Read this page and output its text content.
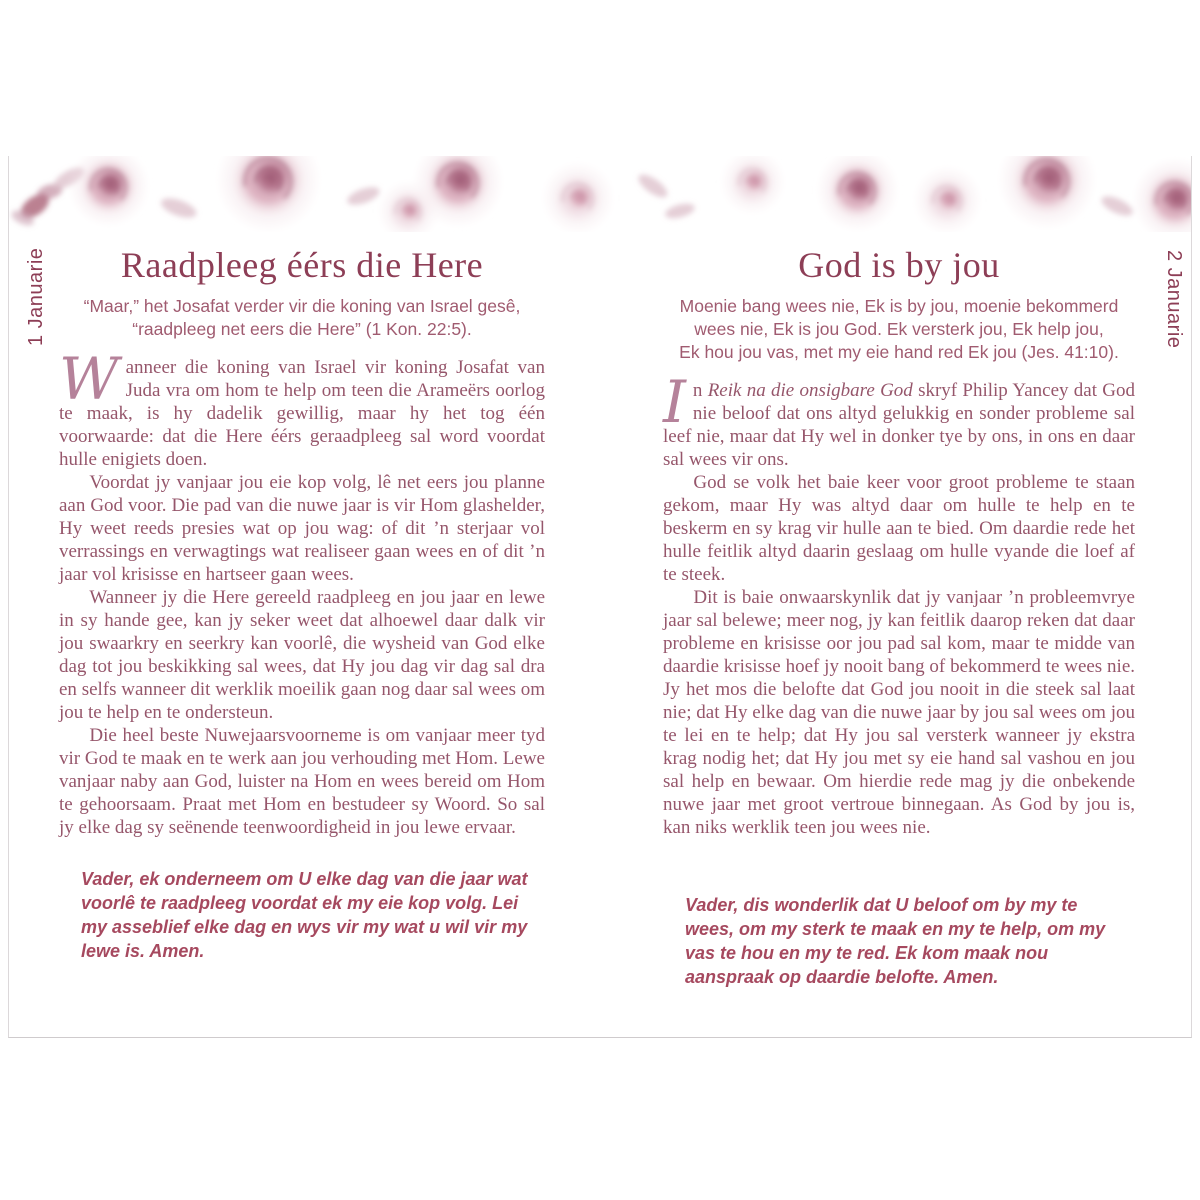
1 Januarie	2 Januarie
Raadpleeg éérs die Here
“Maar,” het Josafat verder vir die koning van Israel gesê,
“raadpleeg net eers die Here” (1 Kon. 22:5).

Wanneer die koning van Israel vir koning Josafat van Juda vra om hom te help om teen die Arameërs oorlog te maak, is hy dadelik gewillig, maar hy het tog één voorwaarde: dat die Here éérs geraadpleeg sal word voordat hulle enigiets doen.

Voordat jy vanjaar jou eie kop volg, lê net eers jou planne aan God voor. Die pad van die nuwe jaar is vir Hom glashelder, Hy weet reeds presies wat op jou wag: of dit ’n sterjaar vol verrassings en verwagtings wat realiseer gaan wees en of dit ’n jaar vol krisisse en hartseer gaan wees.

Wanneer jy die Here gereeld raadpleeg en jou jaar en lewe in sy hande gee, kan jy seker weet dat alhoewel daar dalk vir jou swaarkry en seerkry kan voorlê, die wysheid van God elke dag tot jou beskikking sal wees, dat Hy jou dag vir dag sal dra en selfs wanneer dit werklik moeilik gaan nog daar sal wees om jou te help en te ondersteun.

Die heel beste Nuwejaarsvoorneme is om vanjaar meer tyd vir God te maak en te werk aan jou verhouding met Hom. Lewe vanjaar naby aan God, luister na Hom en wees bereid om Hom te gehoorsaam. Praat met Hom en bestudeer sy Woord. So sal jy elke dag sy seënende teenwoordigheid in jou lewe ervaar.

Vader, ek onderneem om U elke dag van die jaar wat voorlê te raadpleeg voordat ek my eie kop volg. Lei my asseblief elke dag en wys vir my wat u wil vir my lewe is. Amen.
God is by jou
Moenie bang wees nie, Ek is by jou, moenie bekommerd
wees nie, Ek is jou God. Ek versterk jou, Ek help jou,
Ek hou jou vas, met my eie hand red Ek jou (Jes. 41:10).

In Reik na die onsigbare God skryf Philip Yancey dat God nie beloof dat ons altyd gelukkig en sonder probleme sal leef nie, maar dat Hy wel in donker tye by ons, in ons en daar sal wees vir ons.

God se volk het baie keer voor groot probleme te staan gekom, maar Hy was altyd daar om hulle te help en te beskerm en sy krag vir hulle aan te bied. Om daardie rede het hulle feitlik altyd daarin geslaag om hulle vyande die loef af te steek.

Dit is baie onwaarskynlik dat jy vanjaar ’n probleemvrye jaar sal belewe; meer nog, jy kan feitlik daarop reken dat daar probleme en krisisse oor jou pad sal kom, maar te midde van daardie krisisse hoef jy nooit bang of bekommerd te wees nie. Jy het mos die belofte dat God jou nooit in die steek sal laat nie; dat Hy elke dag van die nuwe jaar by jou sal wees om jou te lei en te help; dat Hy jou sal versterk wanneer jy ekstra krag nodig het; dat Hy jou met sy eie hand sal vashou en jou sal help en bewaar. Om hierdie rede mag jy die onbekende nuwe jaar met groot vertroue binnegaan. As God by jou is, kan niks werklik teen jou wees nie.

Vader, dis wonderlik dat U beloof om by my te wees, om my sterk te maak en my te help, om my vas te hou en my te red. Ek kom maak nou aanspraak op daardie belofte. Amen.
